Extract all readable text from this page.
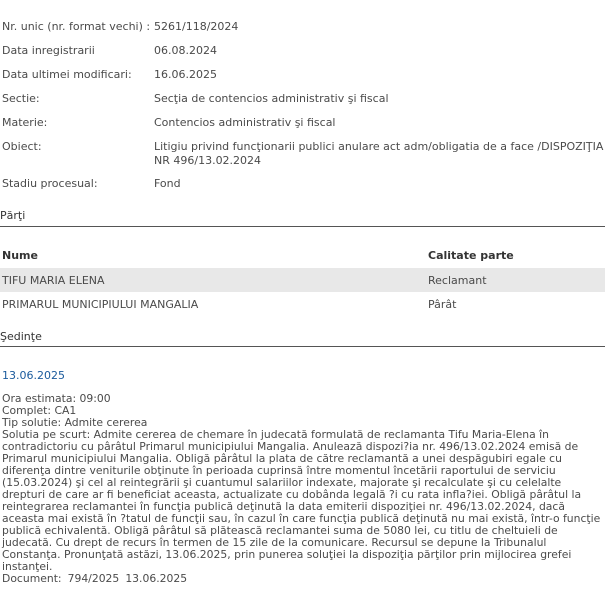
Nr. unic (nr. format vechi) : 5261/118/2024
Data inregistrarii	06.08.2024
Data ultimei modificari: 16.06.2025
Sectie:	Secţia de contencios administrativ şi fiscal
Materie:	Contencios administrativ şi fiscal
Obiect:	Litigiu privind funcţionarii publici anulare act adm/obligatia de a face /DISPOZIŢIA NR 496/13.02.2024
Stadiu procesual:	Fond
Părţi
Nume	Calitate parte
TIFU MARIA ELENA	Reclamant
PRIMARUL MUNICIPIULUI MANGALIA	Pârât
Şedinţe
13.06.2025
Ora estimata: 09:00
Complet: CA1
Tip solutie: Admite cererea
Solutia pe scurt: Admite cererea de chemare în judecată formulată de reclamanta Tifu Maria-Elena în contradictoriu cu pârâtul Primarul municipiului Mangalia. Anulează dispozi?ia nr. 496/13.02.2024 emisă de Primarul municipiului Mangalia. Obligă pârâtul la plata de către reclamantă a unei despăgubiri egale cu diferenţa dintre veniturile obţinute în perioada cuprinsă între momentul încetării raportului de serviciu (15.03.2024) şi cel al reintegrării şi cuantumul salariilor indexate, majorate şi recalculate şi cu celelalte drepturi de care ar fi beneficiat aceasta, actualizate cu dobânda legală ?i cu rata infla?iei. Obligă pârâtul la reintegrarea reclamantei în funcţia publică deţinută la data emiterii dispoziţiei nr. 496/13.02.2024, dacă aceasta mai există în ?tatul de funcţii sau, în cazul în care funcţia publică deţinută nu mai există, într-o funcţie publică echivalentă. Obligă pârâtul să plătească reclamantei suma de 5080 lei, cu titlu de cheltuieli de judecată. Cu drept de recurs în termen de 15 zile de la comunicare. Recursul se depune la Tribunalul Constanţa. Pronunţată astăzi, 13.06.2025, prin punerea soluţiei la dispoziţia părţilor prin mijlocirea grefei instanţei.
Document: 794/2025 13.06.2025
